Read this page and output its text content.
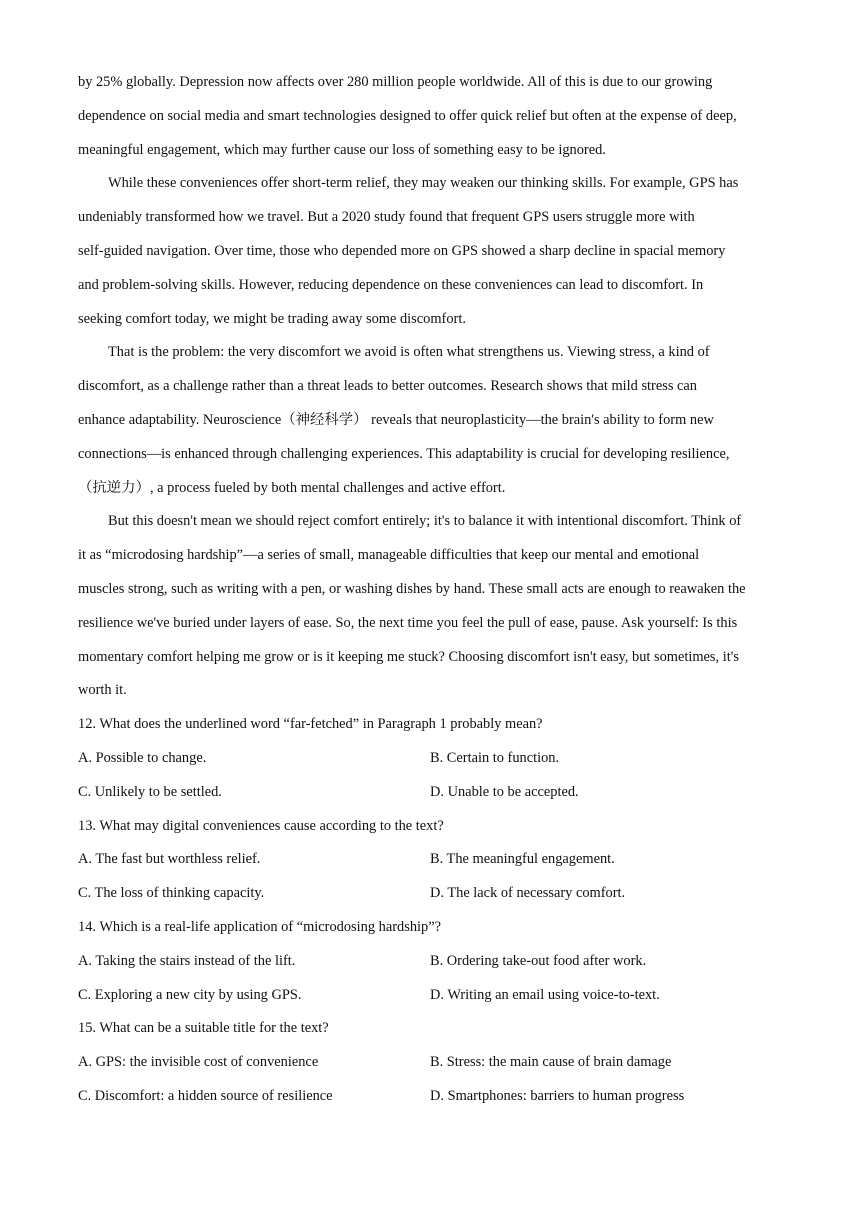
by 25% globally. Depression now affects over 280 million people worldwide. All of this is due to our growing
dependence on social media and smart technologies designed to offer quick relief but often at the expense of deep,
meaningful engagement, which may further cause our loss of something easy to be ignored.
While these conveniences offer short-term relief, they may weaken our thinking skills. For example, GPS has
undeniably transformed how we travel. But a 2020 study found that frequent GPS users struggle more with
self-guided navigation. Over time, those who depended more on GPS showed a sharp decline in spacial memory
and problem-solving skills. However, reducing dependence on these conveniences can lead to discomfort. In
seeking comfort today, we might be trading away some discomfort.
That is the problem: the very discomfort we avoid is often what strengthens us. Viewing stress, a kind of
discomfort, as a challenge rather than a threat leads to better outcomes. Research shows that mild stress can
enhance adaptability. Neuroscience（神经科学） reveals that neuroplasticity—the brain's ability to form new
connections—is enhanced through challenging experiences. This adaptability is crucial for developing resilience,
（抗逆力）, a process fueled by both mental challenges and active effort.
But this doesn't mean we should reject comfort entirely; it's to balance it with intentional discomfort. Think of
it as “microdosing hardship”—a series of small, manageable difficulties that keep our mental and emotional
muscles strong, such as writing with a pen, or washing dishes by hand. These small acts are enough to reawaken the
resilience we've buried under layers of ease. So, the next time you feel the pull of ease, pause. Ask yourself: Is this
momentary comfort helping me grow or is it keeping me stuck? Choosing discomfort isn't easy, but sometimes, it's
worth it.

12. What does the underlined word “far-fetched” in Paragraph 1 probably mean?

A. Possible to change.	B. Certain to function.
C. Unlikely to be settled.	D. Unable to be accepted.

13. What may digital conveniences cause according to the text?

A. The fast but worthless relief.	B. The meaningful engagement.
C. The loss of thinking capacity.	D. The lack of necessary comfort.

14. Which is a real-life application of “microdosing hardship”?

A. Taking the stairs instead of the lift.	B. Ordering take-out food after work.
C. Exploring a new city by using GPS.	D. Writing an email using voice-to-text.

15. What can be a suitable title for the text?

A. GPS: the invisible cost of convenience	B. Stress: the main cause of brain damage
C. Discomfort: a hidden source of resilience	D. Smartphones: barriers to human progress
